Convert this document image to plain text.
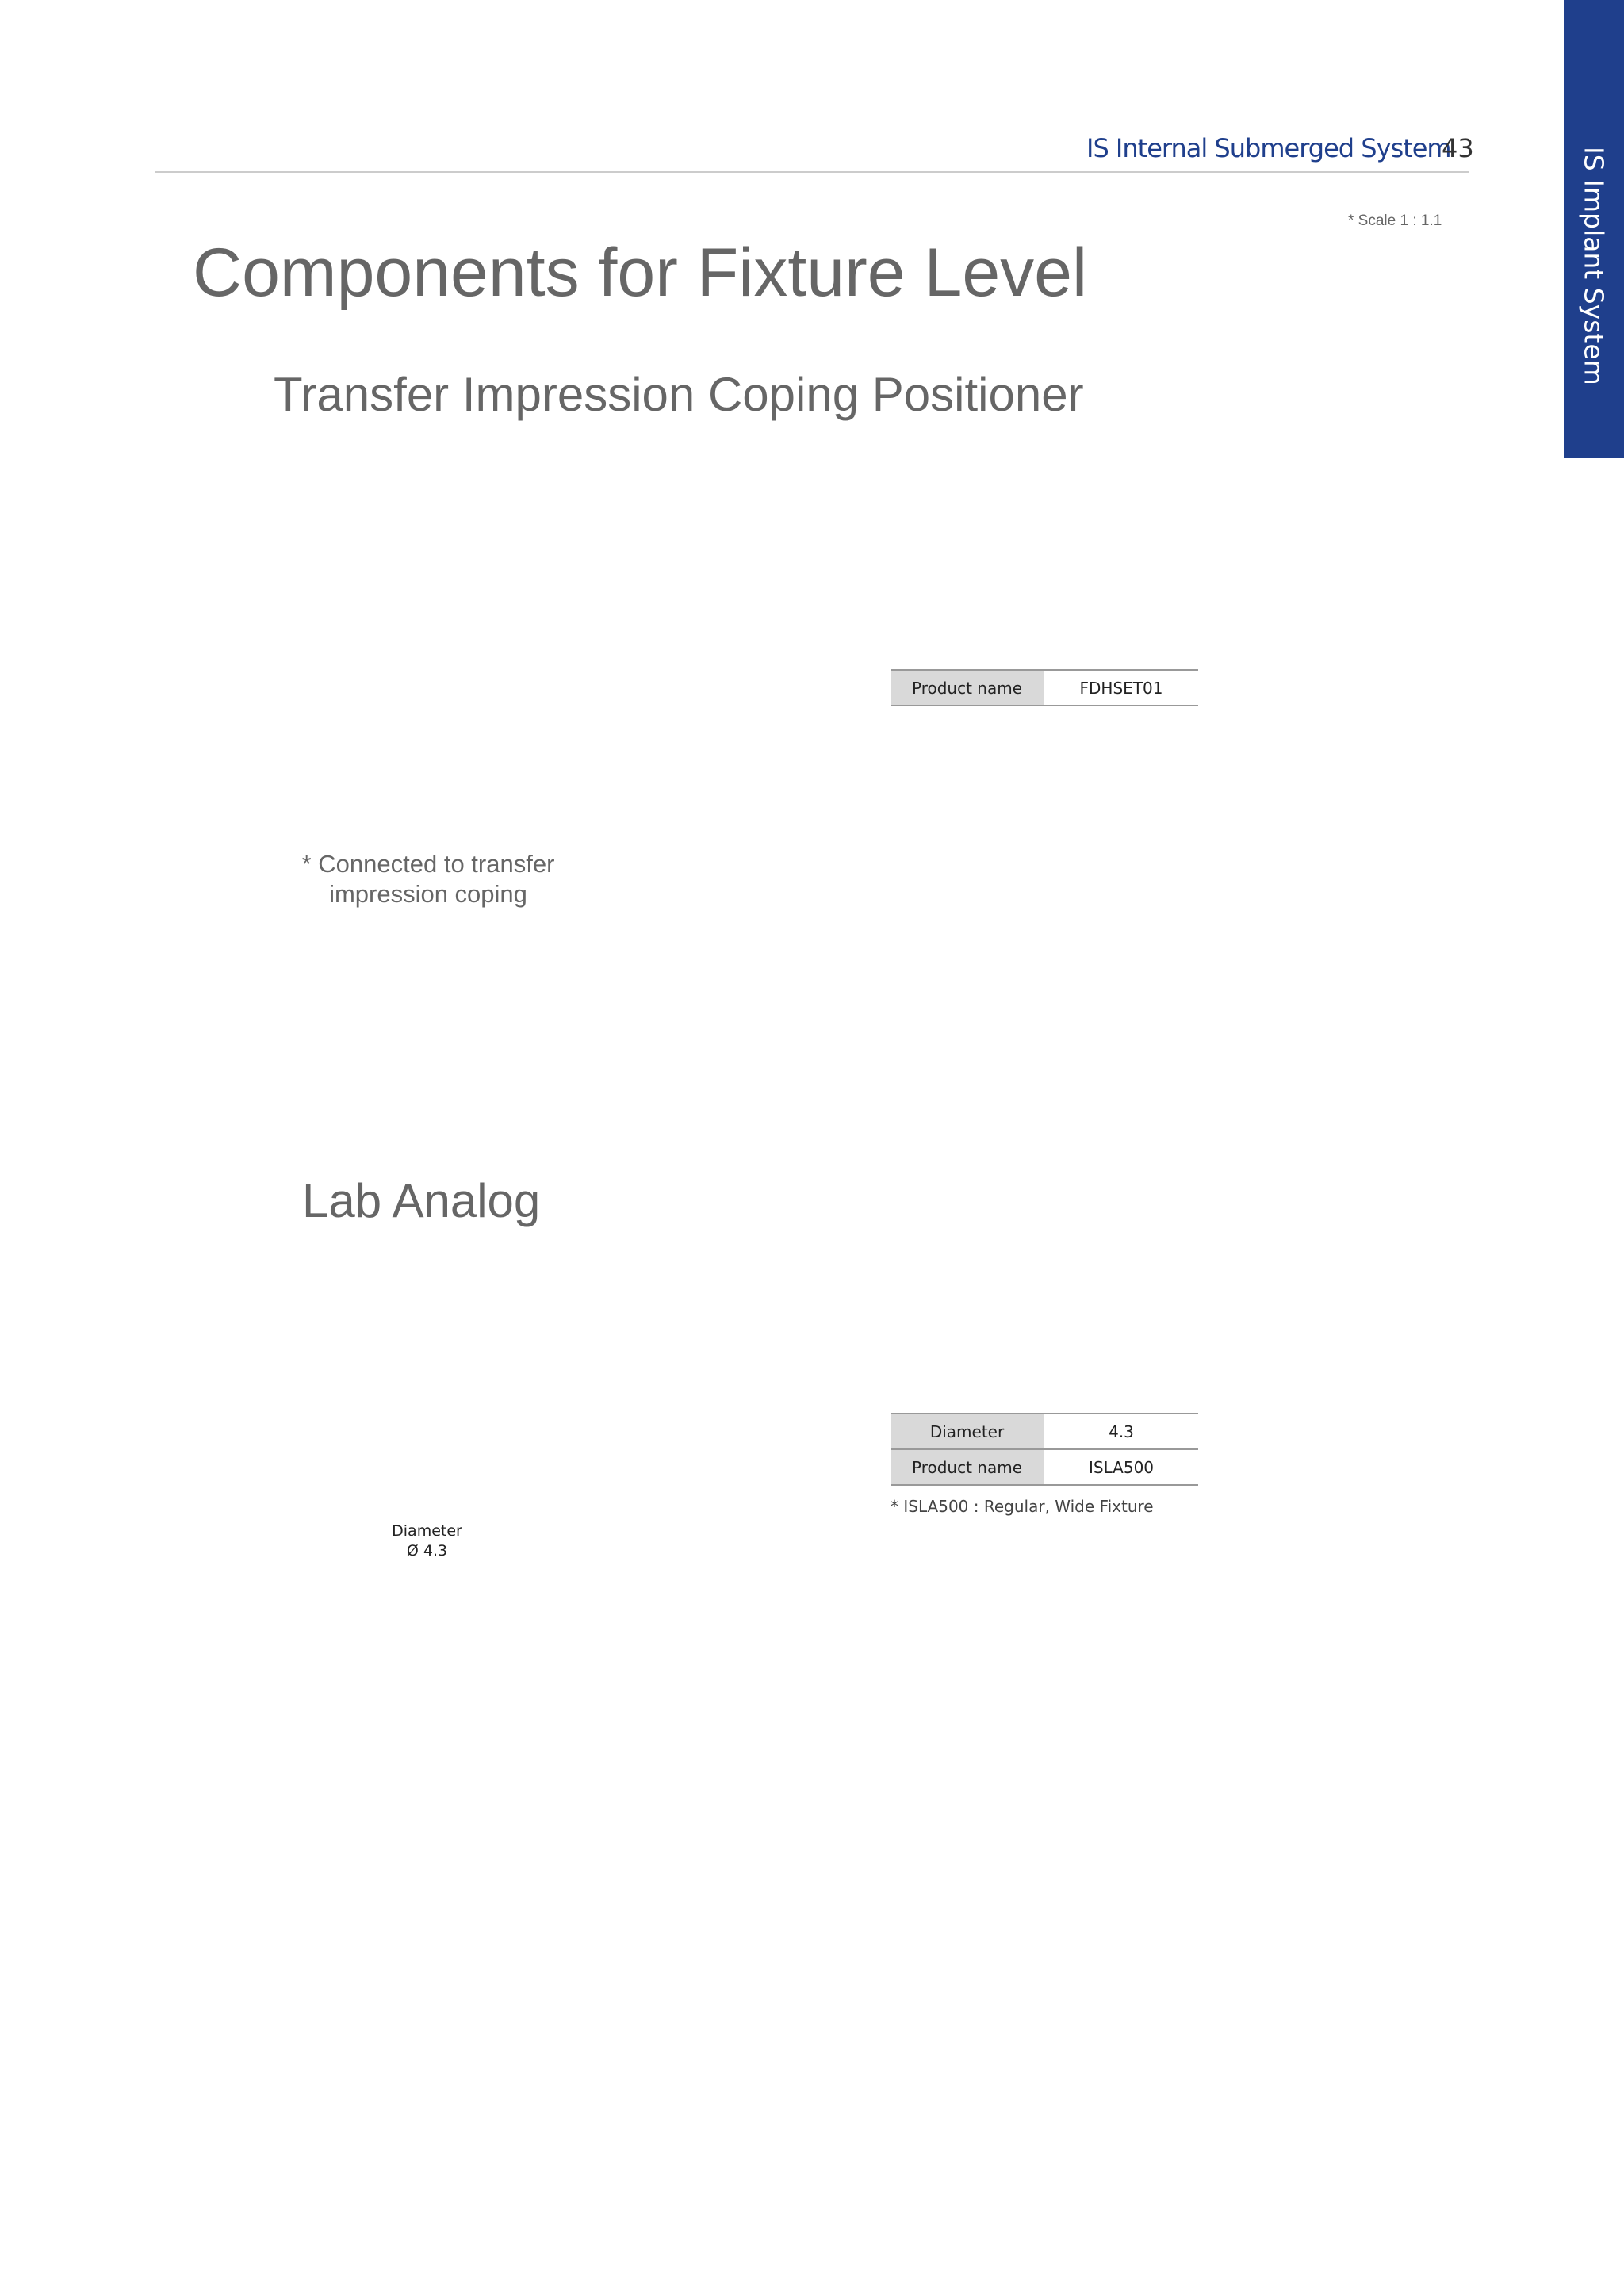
IS Implant System
IS Internal Submerged System
43
* Scale 1 : 1.1
Components for Fixture Level
Transfer Impression Coping Positioner
* Connected to transfer
impression coping
Product name	FDHSET01
Lab Analog
Diameter
Ø 4.3
Diameter	4.3
Product name	ISLA500
* ISLA500 : Regular, Wide Fixture
